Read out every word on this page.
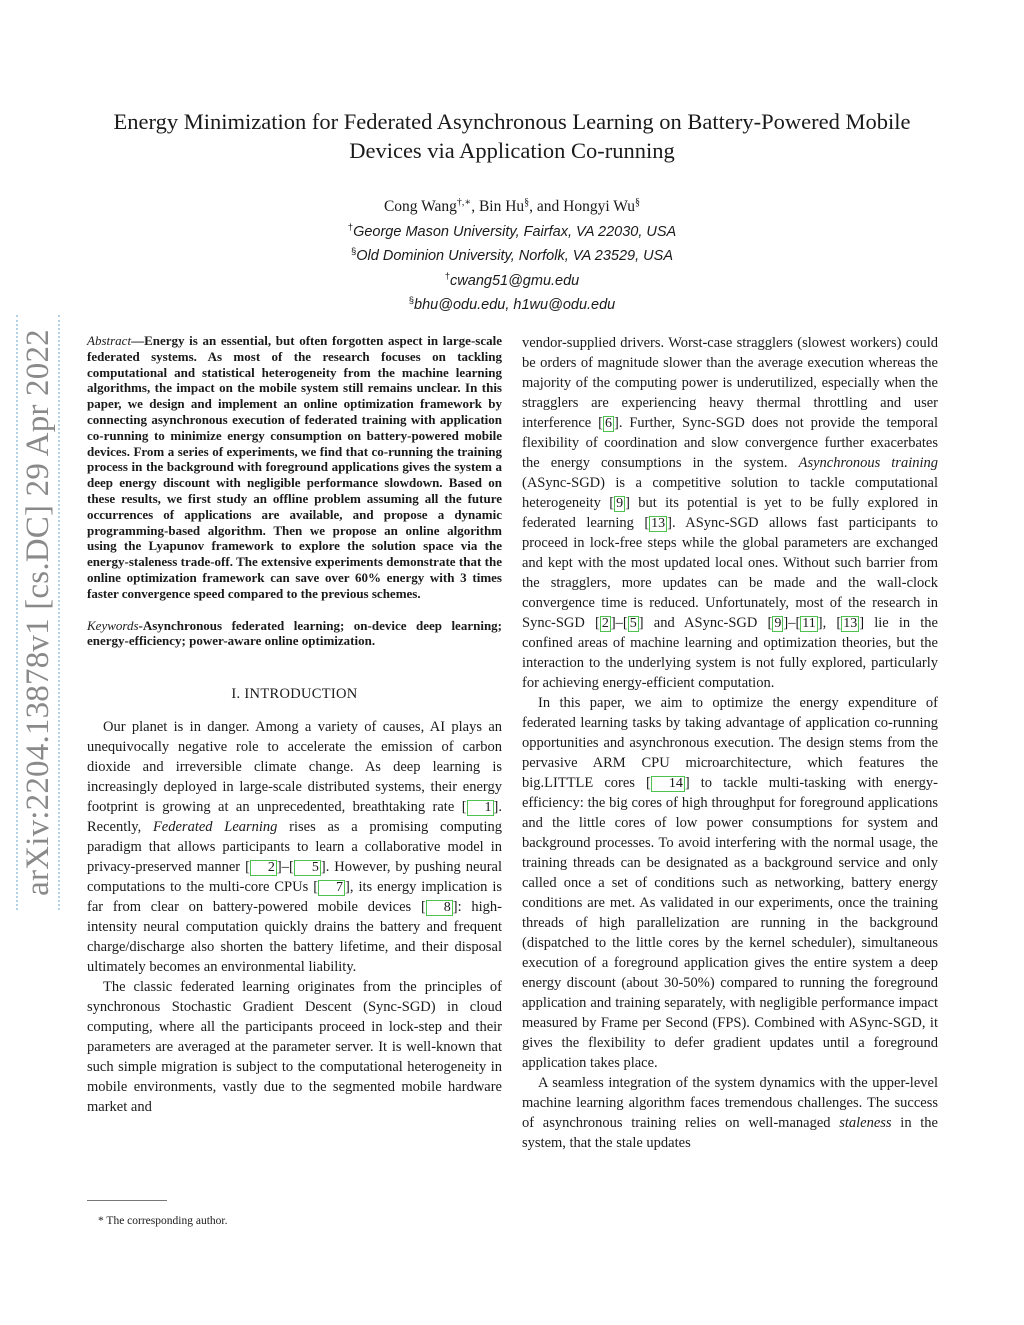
arXiv:2204.13878v1 [cs.DC] 29 Apr 2022
Energy Minimization for Federated Asynchronous Learning on Battery-Powered Mobile
Devices via Application Co-running
Cong Wang†,∗, Bin Hu§, and Hongyi Wu§
†George Mason University, Fairfax, VA 22030, USA
§Old Dominion University, Norfolk, VA 23529, USA
†cwang51@gmu.edu
§bhu@odu.edu, h1wu@odu.edu

Abstract—Energy is an essential, but often forgotten aspect in large-scale federated systems. As most of the research focuses on tackling computational and statistical heterogeneity from the machine learning algorithms, the impact on the mobile system still remains unclear. In this paper, we design and implement an online optimization framework by connecting asynchronous execution of federated training with application co-running to minimize energy consumption on battery-powered mobile devices. From a series of experiments, we find that co-running the training process in the background with foreground applications gives the system a deep energy discount with negligible performance slowdown. Based on these results, we first study an offline problem assuming all the future occurrences of applications are available, and propose a dynamic programming-based algorithm. Then we propose an online algorithm using the Lyapunov framework to explore the solution space via the energy-staleness trade-off. The extensive experiments demonstrate that the online optimization framework can save over 60% energy with 3 times faster convergence speed compared to the previous schemes.

Keywords-Asynchronous federated learning; on-device deep learning; energy-efficiency; power-aware online optimization.

I. INTRODUCTION

Our planet is in danger. Among a variety of causes, AI plays an unequivocally negative role to accelerate the emission of carbon dioxide and irreversible climate change. As deep learning is increasingly deployed in large-scale distributed systems, their energy footprint is growing at an unprecedented, breathtaking rate [ 1 ]. Recently, Federated Learning rises as a promising computing paradigm that allows participants to learn a collaborative model in privacy-preserved manner [ 2 ]–[ 5 ]. However, by pushing neural computations to the multi-core CPUs [ 7 ], its energy implication is far from clear on battery-powered mobile devices [ 8 ]: high-intensity neural computation quickly drains the battery and frequent charge/discharge also shorten the battery lifetime, and their disposal ultimately becomes an environmental liability.

The classic federated learning originates from the principles of synchronous Stochastic Gradient Descent (Sync-SGD) in cloud computing, where all the participants proceed in lock-step and their parameters are averaged at the parameter server. It is well-known that such simple migration is subject to the computational heterogeneity in mobile environments, vastly due to the segmented mobile hardware market and

vendor-supplied drivers. Worst-case stragglers (slowest workers) could be orders of magnitude slower than the average execution whereas the majority of the computing power is underutilized, especially when the stragglers are experiencing heavy thermal throttling and user interference [ 6 ]. Further, Sync-SGD does not provide the temporal flexibility of coordination and slow convergence further exacerbates the energy consumptions in the system. Asynchronous training (ASync-SGD) is a competitive solution to tackle computational heterogeneity [ 9 ] but its potential is yet to be fully explored in federated learning [ 13 ]. ASync-SGD allows fast participants to proceed in lock-free steps while the global parameters are exchanged and kept with the most updated local ones. Without such barrier from the stragglers, more updates can be made and the wall-clock convergence time is reduced. Unfortunately, most of the research in Sync-SGD [ 2 ]–[ 5 ] and ASync-SGD [ 9 ]–[ 11 ], [ 13 ] lie in the confined areas of machine learning and optimization theories, but the interaction to the underlying system is not fully explored, particularly for achieving energy-efficient computation.

In this paper, we aim to optimize the energy expenditure of federated learning tasks by taking advantage of application co-running opportunities and asynchronous execution. The design stems from the pervasive ARM CPU microarchitecture, which features the big.LITTLE cores [ 14 ] to tackle multi-tasking with energy-efficiency: the big cores of high throughput for foreground applications and the little cores of low power consumptions for system and background processes. To avoid interfering with the normal usage, the training threads can be designated as a background service and only called once a set of conditions such as networking, battery energy conditions are met. As validated in our experiments, once the training threads of high parallelization are running in the background (dispatched to the little cores by the kernel scheduler), simultaneous execution of a foreground application gives the entire system a deep energy discount (about 30-50%) compared to running the foreground application and training separately, with negligible performance impact measured by Frame per Second (FPS). Combined with ASync-SGD, it gives the flexibility to defer gradient updates until a foreground application takes place.

A seamless integration of the system dynamics with the upper-level machine learning algorithm faces tremendous challenges. The success of asynchronous training relies on well-managed staleness in the system, that the stale updates

* The corresponding author.
